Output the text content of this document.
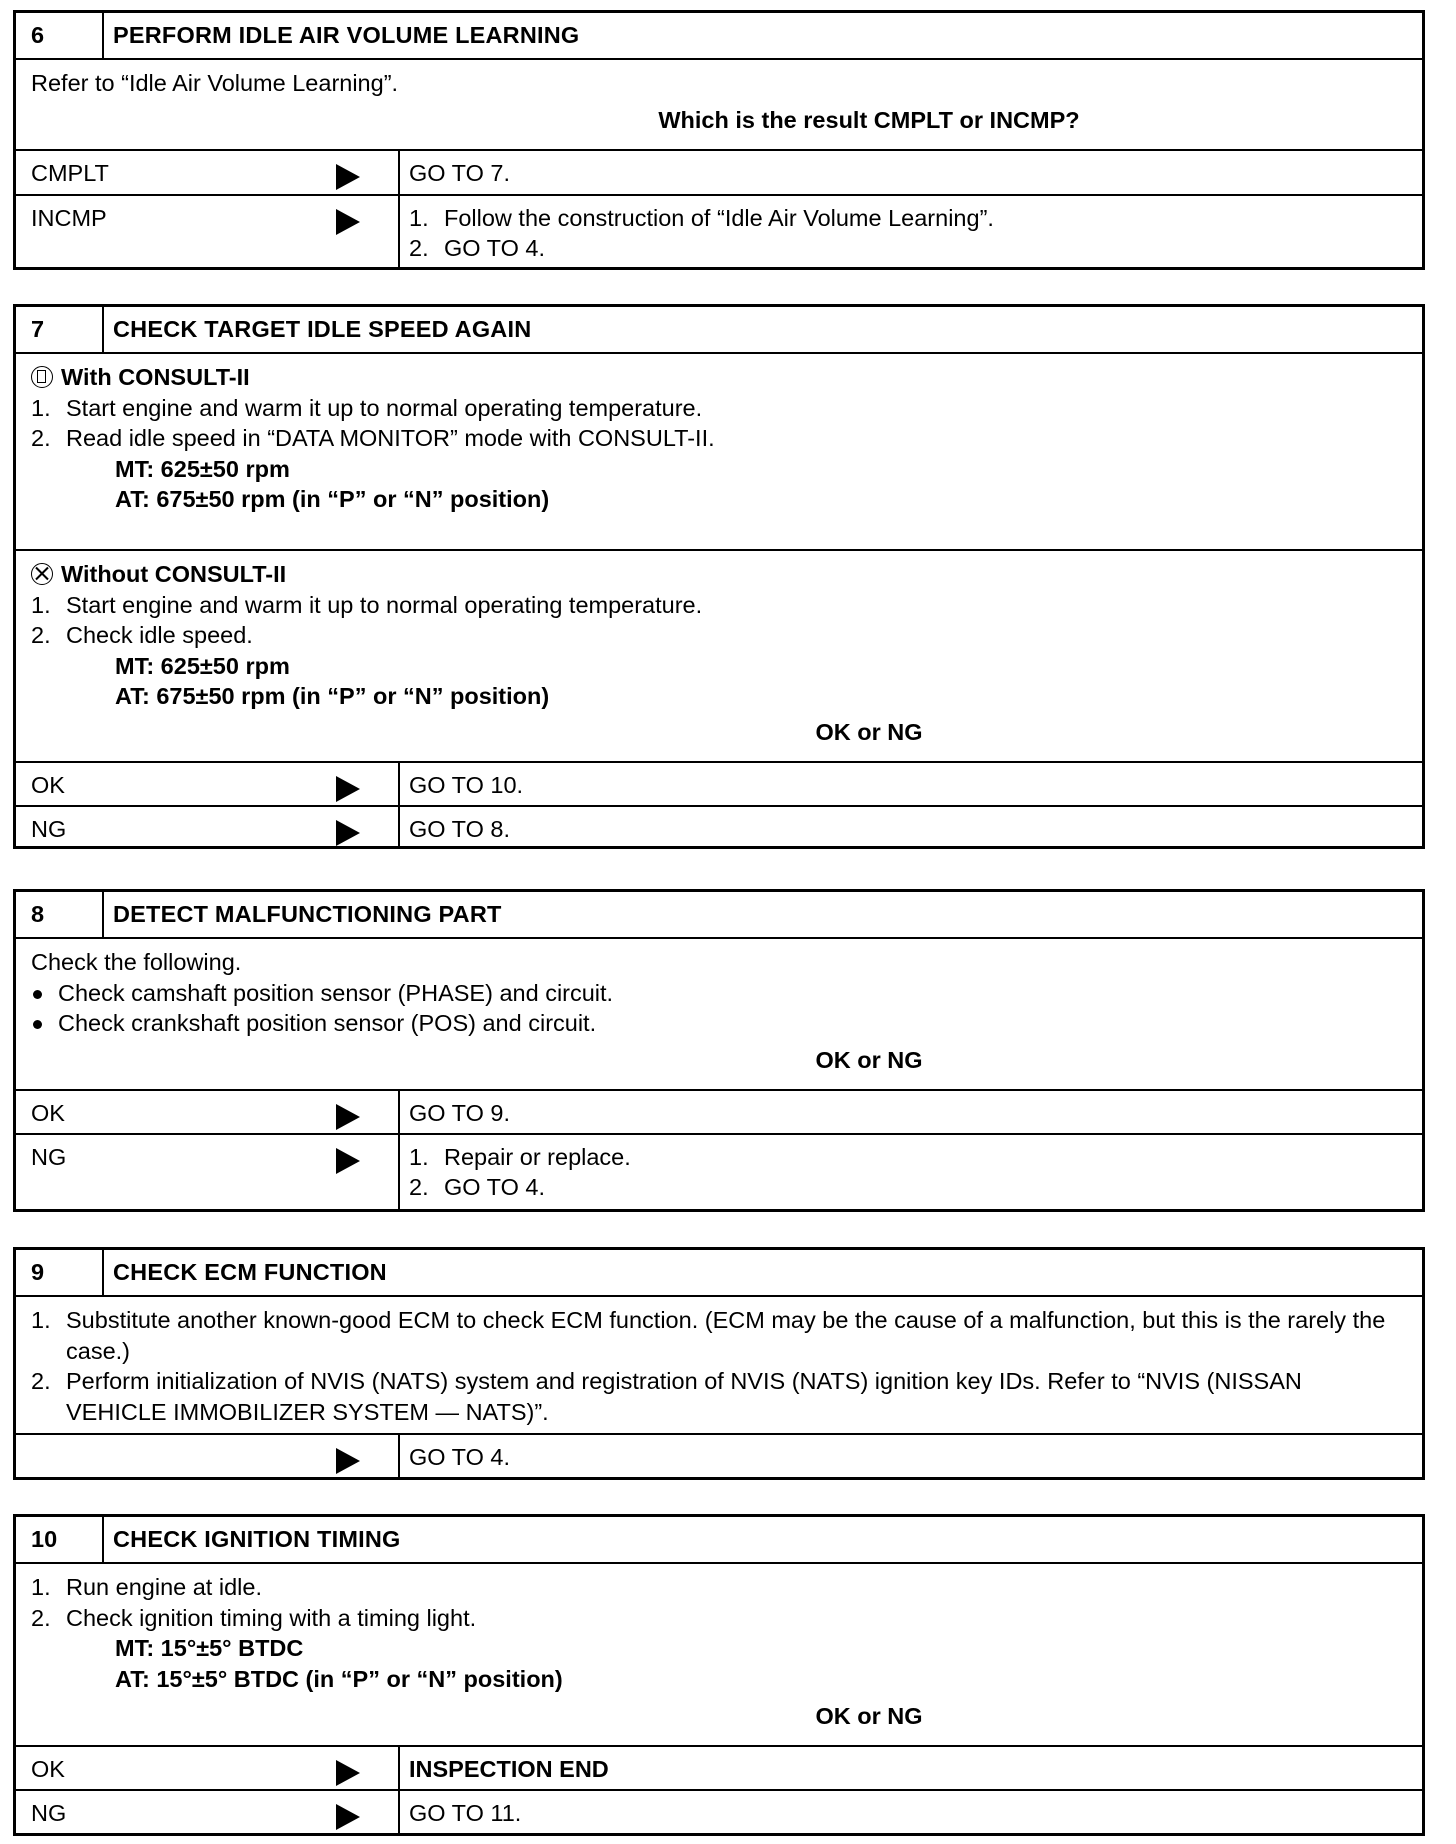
6	PERFORM IDLE AIR VOLUME LEARNING
Refer to “Idle Air Volume Learning”.
Which is the result CMPLT or INCMP?
CMPLT	GO TO 7.
INCMP	1. Follow the construction of “Idle Air Volume Learning”.
2. GO TO 4.
7	CHECK TARGET IDLE SPEED AGAIN
With CONSULT-II
1. Start engine and warm it up to normal operating temperature.
2. Read idle speed in “DATA MONITOR” mode with CONSULT-II.
MT: 625±50 rpm
AT: 675±50 rpm (in “P” or “N” position)
Without CONSULT-II
1. Start engine and warm it up to normal operating temperature.
2. Check idle speed.
MT: 625±50 rpm
AT: 675±50 rpm (in “P” or “N” position)
OK or NG
OK	GO TO 10.
NG	GO TO 8.
8	DETECT MALFUNCTIONING PART
Check the following.
Check camshaft position sensor (PHASE) and circuit.
Check crankshaft position sensor (POS) and circuit.
OK or NG
OK	GO TO 9.
NG	1. Repair or replace.
2. GO TO 4.
9	CHECK ECM FUNCTION
1. Substitute another known-good ECM to check ECM function. (ECM may be the cause of a malfunction, but this is the rarely the case.)
2. Perform initialization of NVIS (NATS) system and registration of NVIS (NATS) ignition key IDs. Refer to “NVIS (NISSAN VEHICLE IMMOBILIZER SYSTEM — NATS)”.
GO TO 4.
10	CHECK IGNITION TIMING
1. Run engine at idle.
2. Check ignition timing with a timing light.
MT: 15°±5° BTDC
AT: 15°±5° BTDC (in “P” or “N” position)
OK or NG
OK	INSPECTION END
NG	GO TO 11.
